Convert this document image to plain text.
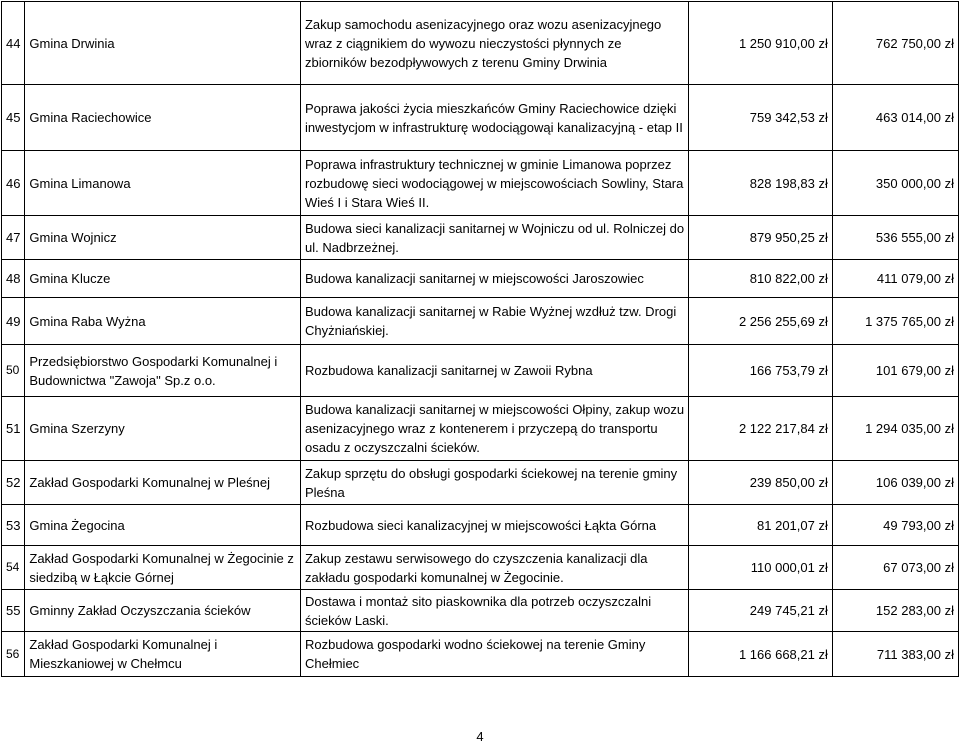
44	Gmina Drwinia	Zakup samochodu asenizacyjnego oraz wozu asenizacyjnego wraz z ciągnikiem do wywozu nieczystości płynnych ze zbiorników bezodpływowych z terenu Gminy Drwinia	1 250 910,00 zł	762 750,00 zł
45	Gmina Raciechowice	Poprawa jakości życia mieszkańców Gminy Raciechowice dzięki inwestycjom w infrastrukturę wodociągowąi kanalizacyjną - etap II	759 342,53 zł	463 014,00 zł
46	Gmina Limanowa	Poprawa infrastruktury technicznej w gminie Limanowa poprzez rozbudowę sieci wodociągowej w miejscowościach Sowliny, Stara Wieś I i Stara Wieś II.	828 198,83 zł	350 000,00 zł
47	Gmina Wojnicz	Budowa sieci kanalizacji sanitarnej w Wojniczu od ul. Rolniczej do ul. Nadbrzeżnej.	879 950,25 zł	536 555,00 zł
48	Gmina Klucze	Budowa kanalizacji sanitarnej w miejscowości Jaroszowiec	810 822,00 zł	411 079,00 zł
49	Gmina Raba Wyżna	Budowa kanalizacji sanitarnej w Rabie Wyżnej wzdłuż tzw. Drogi Chyżniańskiej.	2 256 255,69 zł	1 375 765,00 zł
50	Przedsiębiorstwo Gospodarki Komunalnej i Budownictwa "Zawoja" Sp.z o.o.	Rozbudowa kanalizacji sanitarnej w Zawoii Rybna	166 753,79 zł	101 679,00 zł
51	Gmina Szerzyny	Budowa kanalizacji sanitarnej w miejscowości Ołpiny, zakup wozu asenizacyjnego wraz z kontenerem i przyczepą do transportu osadu z oczyszczalni ścieków.	2 122 217,84 zł	1 294 035,00 zł
52	Zakład Gospodarki Komunalnej w Pleśnej	Zakup sprzętu do obsługi gospodarki ściekowej na terenie gminy Pleśna	239 850,00 zł	106 039,00 zł
53	Gmina Żegocina	Rozbudowa sieci kanalizacyjnej w miejscowości Łąkta Górna	81 201,07 zł	49 793,00 zł
54	Zakład Gospodarki Komunalnej w Żegocinie z siedzibą w Łąkcie Górnej	Zakup zestawu serwisowego do czyszczenia kanalizacji dla zakładu gospodarki komunalnej w Żegocinie.	110 000,01 zł	67 073,00 zł
55	Gminny Zakład Oczyszczania ścieków	Dostawa i montaż sito piaskownika dla potrzeb oczyszczalni ścieków Laski.	249 745,21 zł	152 283,00 zł
56	Zakład Gospodarki Komunalnej i Mieszkaniowej w Chełmcu	Rozbudowa gospodarki wodno ściekowej na terenie Gminy Chełmiec	1 166 668,21 zł	711 383,00 zł
4
